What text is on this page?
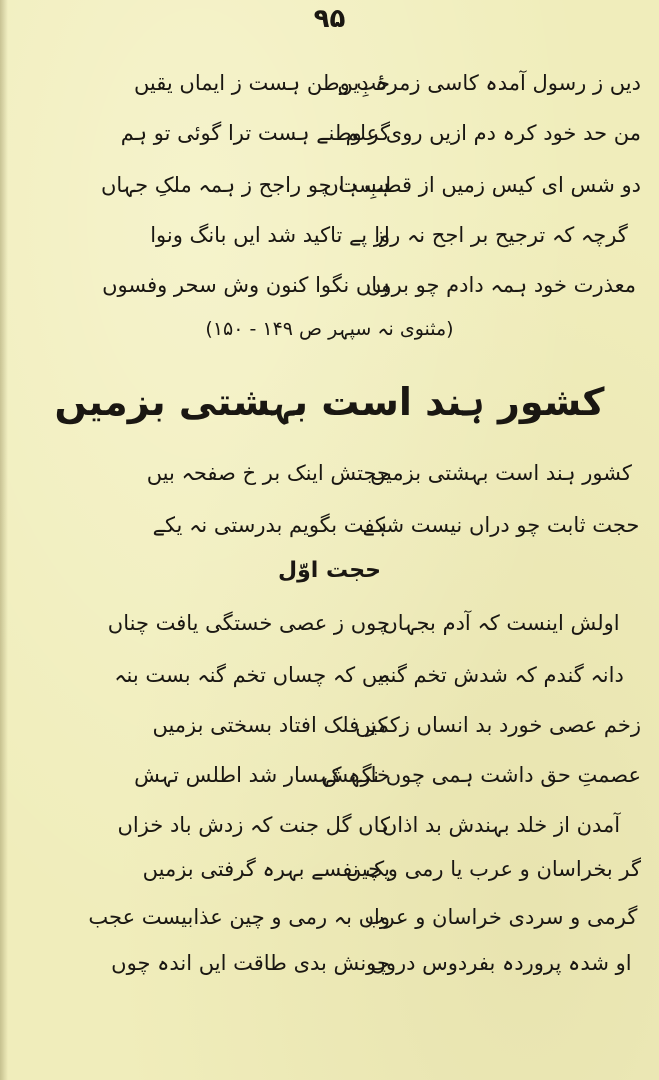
۹۵
دیں ز رسول آمدہ کاسی زمرۂ دیں
حبِ وطن ہست ز ایماں یقیں
من حد خود کرہ دم ازیں روی علم
گر وطنے ہست ترا گوئی تو ہم
دو شس ای کیس زمیں از قطبِ ہاں
ہست چو راجح ز ہمہ ملکِ جہاں
گرچہ کہ ترجیح بر اجح نہ روا
از پے تاکید شد ایں بانگ ونوا
معذرت خود ہمہ دادم چو بروں
ہاں نگوا کنون وش سحر وفسوں
(مثنوی نہ سپہر ص ۱۴۹ - ۱۵۰)
کشور ہند است بہشتی بزمیں
کشور ہند است بہشتی بزمیں
حجتش اینک بر خ صفحہ بیں
حجت ثابت چو دراں نیست شکے
ہفت بگویم بدرستی نہ یکے
حجت اوّل
اولش اینست کہ آدم بجہاں
چوں ز عصی خستگی یافت چناں
دانہ گندم کہ شدش تخم گنہ
بیں کہ چساں تخم گنہ بست بنہ
زخم عصی خورد بد انساں زکمیں
کز فلک افتاد بسختی بزمیں
عصمتِ حق داشت ہمی چوں نگہش
خارہ کہسار شد اطلس تہش
آمدن از خلد بہندش بد اذاں
کاں گل جنت کہ زدش باد خزاں
گر بخراسان و عرب یا رمی و چیں
یک نفسے بہرہ گرفتی بزمیں
گرمی و سردی خراسان و عرب
واں بہ رمی و چین عذابیست عجب
او شدہ پروردہ بفردوس دروں
چونش بدی طاقت ایں اندہ چوں
